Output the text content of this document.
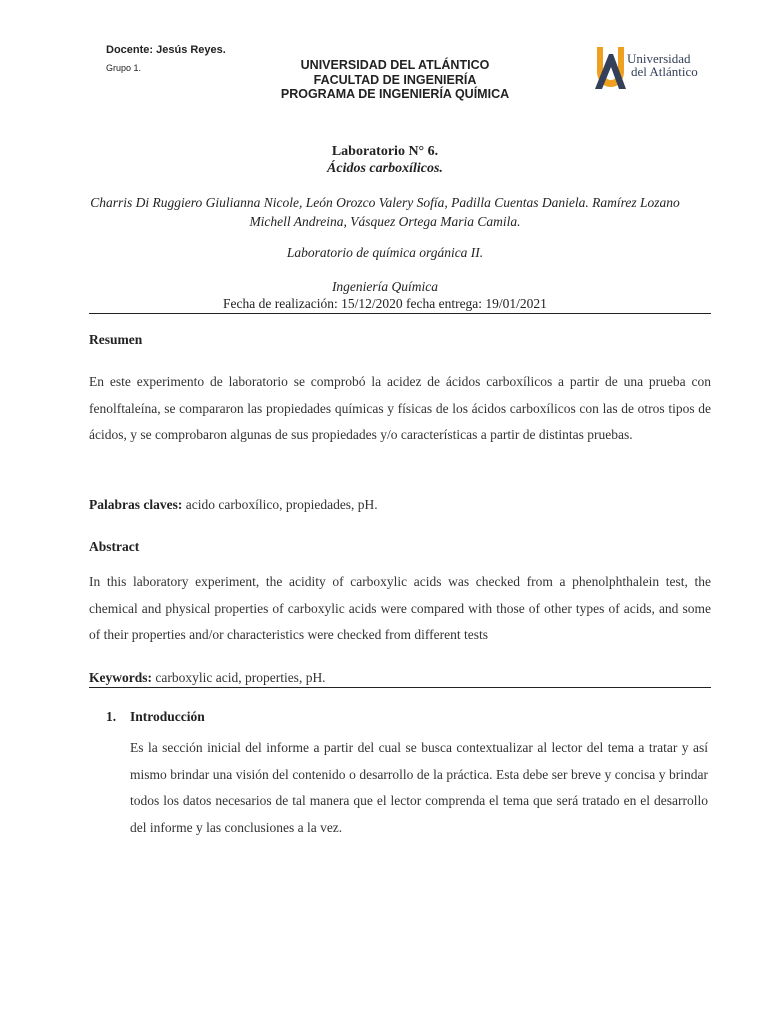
Docente: Jesús Reyes.
Grupo 1.	UNIVERSIDAD DEL ATLÁNTICO
FACULTAD DE INGENIERÍA
PROGRAMA DE INGENIERÍA QUÍMICA
Universidad
del Atlántico
Laboratorio N° 6.
Ácidos carboxílicos.
Charris Di Ruggiero Giulianna Nicole, León Orozco Valery Sofía, Padilla Cuentas Daniela. Ramírez Lozano Michell Andreina, Vásquez Ortega Maria Camila.
Laboratorio de química orgánica II.
Ingeniería Química
Fecha de realización: 15/12/2020 fecha entrega: 19/01/2021
Resumen
En este experimento de laboratorio se comprobó la acidez de ácidos carboxílicos a partir de una prueba con fenolftaleína, se compararon las propiedades químicas y físicas de los ácidos carboxílicos con las de otros tipos de ácidos, y se comprobaron algunas de sus propiedades y/o características a partir de distintas pruebas.
Palabras claves: acido carboxílico, propiedades, pH.
Abstract
In this laboratory experiment, the acidity of carboxylic acids was checked from a phenolphthalein test, the chemical and physical properties of carboxylic acids were compared with those of other types of acids, and some of their properties and/or characteristics were checked from different tests
Keywords: carboxylic acid, properties, pH.
1. Introducción
Es la sección inicial del informe a partir del cual se busca contextualizar al lector del tema a tratar y así mismo brindar una visión del contenido o desarrollo de la práctica. Esta debe ser breve y concisa y brindar todos los datos necesarios de tal manera que el lector comprenda el tema que será tratado en el desarrollo del informe y las conclusiones a la vez.
